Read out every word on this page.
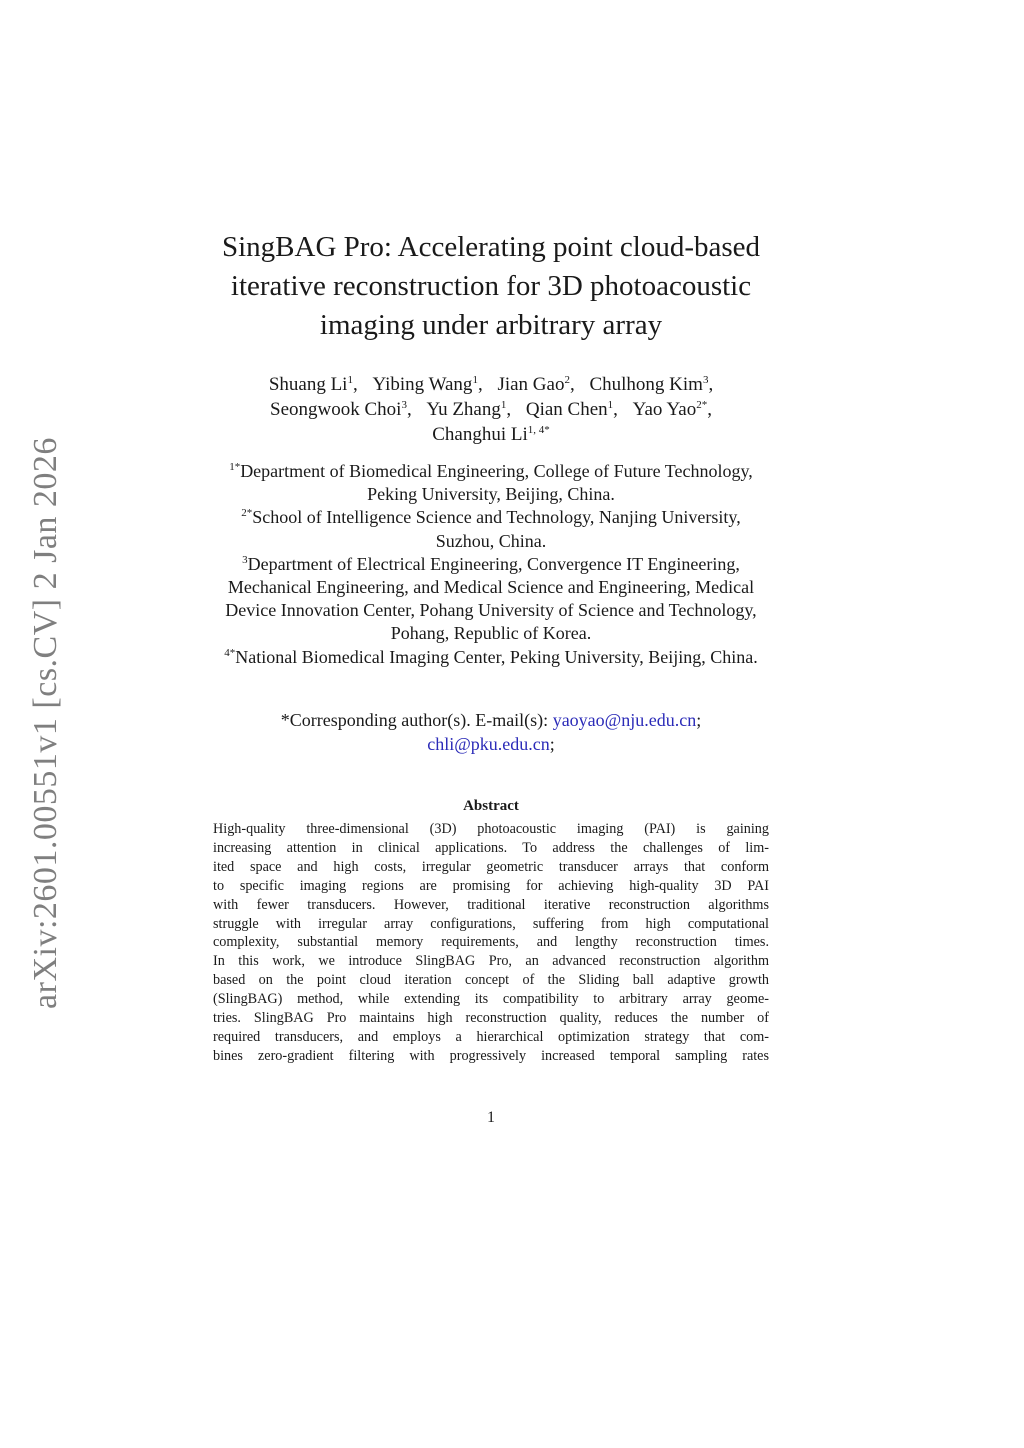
arXiv:2601.00551v1 [cs.CV] 2 Jan 2026
SingBAG Pro: Accelerating point cloud-based
iterative reconstruction for 3D photoacoustic
imaging under arbitrary array
Shuang Li$^1$, Yibing Wang$^1$, Jian Gao$^2$, Chulhong Kim$^3$,
Seongwook Choi$^3$, Yu Zhang$^1$, Qian Chen$^1$, Yao Yao$^{2*}$,
Changhui $Li^{1, 4*}$
$^{1*}$Department of Biomedical Engineering, College of Future Technology,
Peking University, Beijing, China.
$^{2*}$School of Intelligence Science and Technology, Nanjing University,
Suzhou, China.
$^3$Department of Electrical Engineering, Convergence IT Engineering,
Mechanical Engineering, and Medical Science and Engineering, Medical
Device Innovation Center, Pohang University of Science and Technology,
Pohang, Republic of Korea.
$^{4*}$National Biomedical Imaging Center, Peking University, Beijing, China.
*Corresponding author(s). E-mail(s): yaoyao@nju.edu.cn;
chli@pku.edu.cn;
Abstract
High-quality three-dimensional (3D) photoacoustic imaging (PAI) is gaining
increasing attention in clinical applications. To address the challenges of lim-
ited space and high costs, irregular geometric transducer arrays that conform
to specific imaging regions are promising for achieving high-quality 3D PAI
with fewer transducers. However, traditional iterative reconstruction algorithms
struggle with irregular array configurations, suffering from high computational
complexity, substantial memory requirements, and lengthy reconstruction times.
In this work, we introduce SlingBAG Pro, an advanced reconstruction algorithm
based on the point cloud iteration concept of the Sliding ball adaptive growth
(SlingBAG) method, while extending its compatibility to arbitrary array geome-
tries. SlingBAG Pro maintains high reconstruction quality, reduces the number of
required transducers, and employs a hierarchical optimization strategy that com-
bines zero-gradient filtering with progressively increased temporal sampling rates
1
